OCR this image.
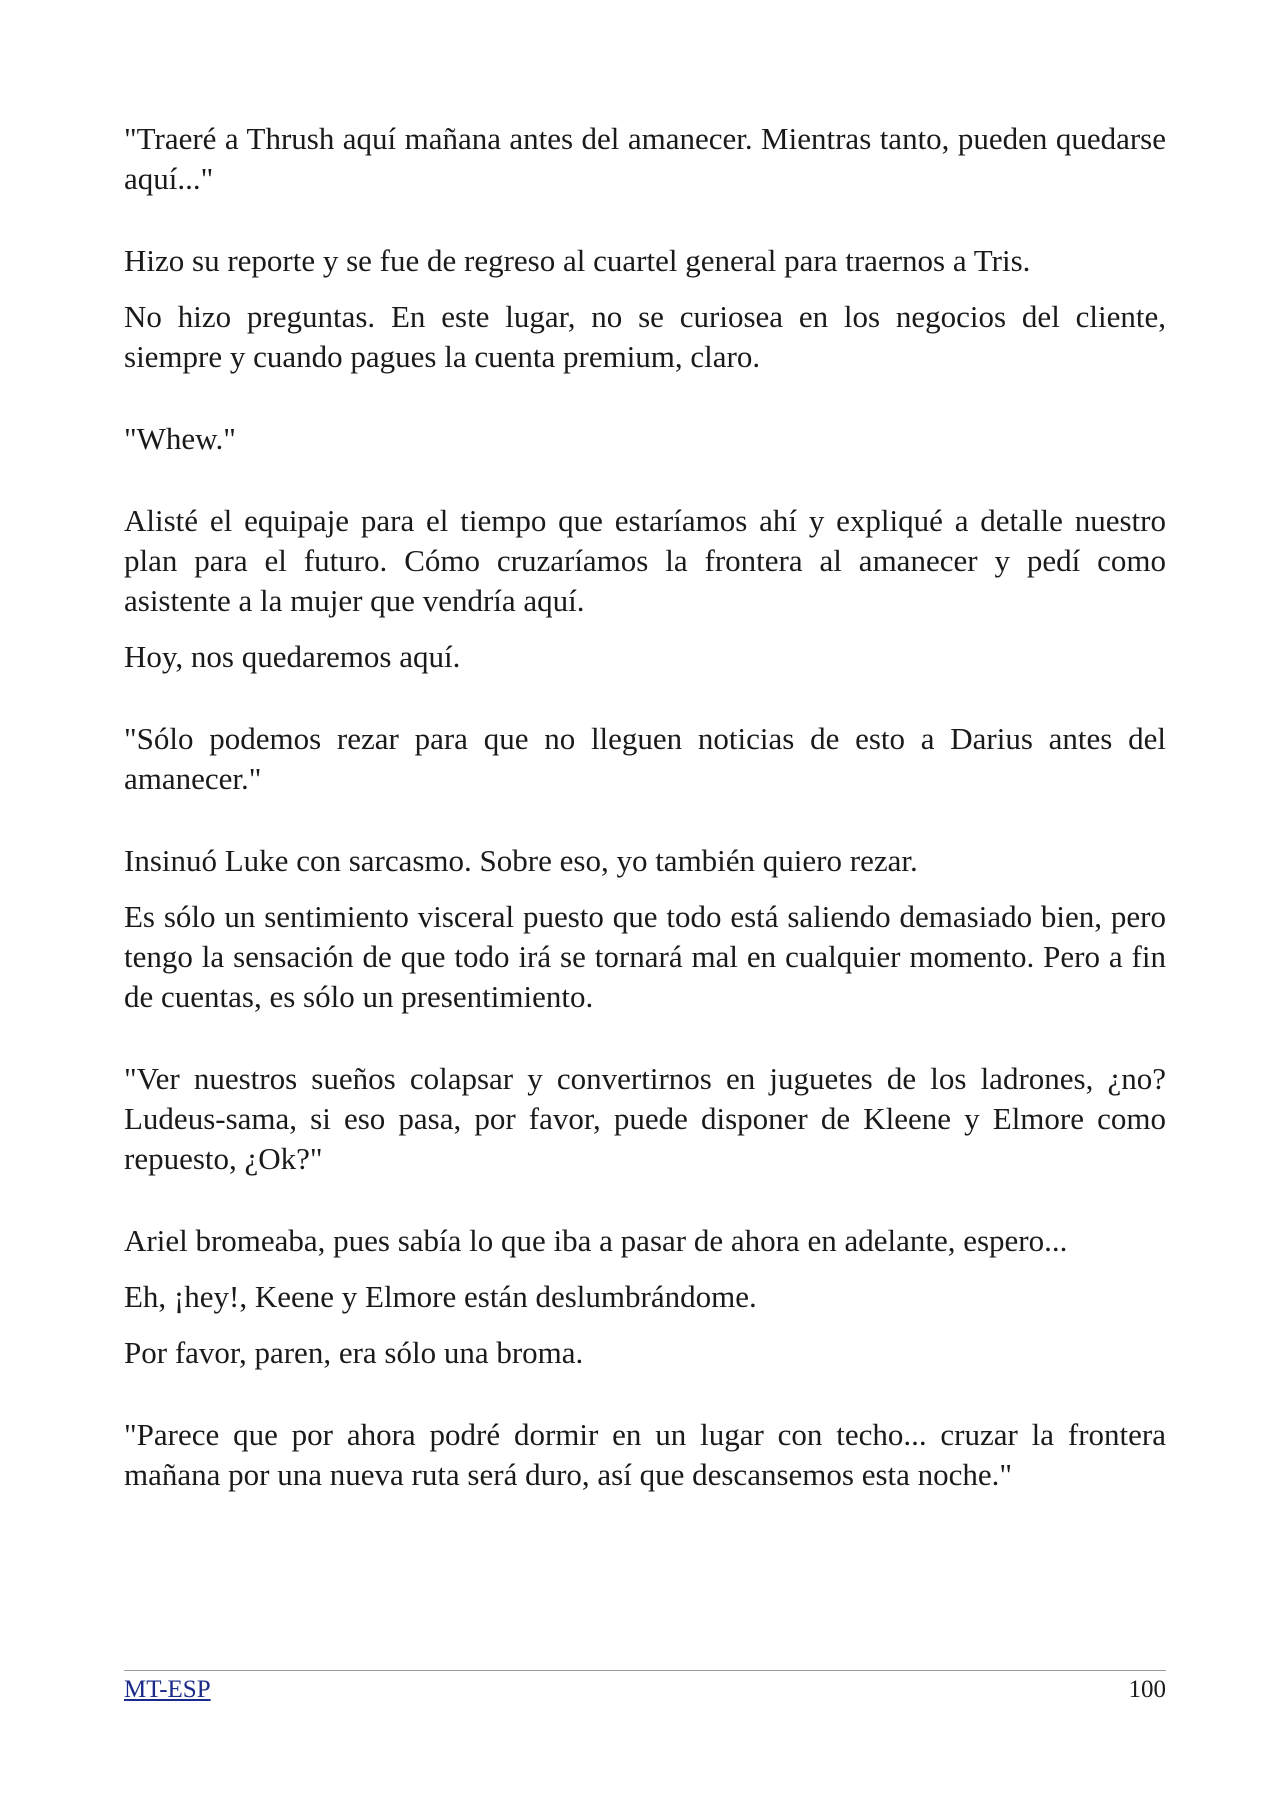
"Traeré a Thrush aquí mañana antes del amanecer. Mientras tanto, pueden quedarse aquí..."

Hizo su reporte y se fue de regreso al cuartel general para traernos a Tris.

No hizo preguntas. En este lugar, no se curiosea en los negocios del cliente, siempre y cuando pagues la cuenta premium, claro.

"Whew."

Alisté el equipaje para el tiempo que estaríamos ahí y expliqué a detalle nuestro plan para el futuro. Cómo cruzaríamos la frontera al amanecer y pedí como asistente a la mujer que vendría aquí.

Hoy, nos quedaremos aquí.

"Sólo podemos rezar para que no lleguen noticias de esto a Darius antes del amanecer."

Insinuó Luke con sarcasmo. Sobre eso, yo también quiero rezar.

Es sólo un sentimiento visceral puesto que todo está saliendo demasiado bien, pero tengo la sensación de que todo irá se tornará mal en cualquier momento. Pero a fin de cuentas, es sólo un presentimiento.

"Ver nuestros sueños colapsar y convertirnos en juguetes de los ladrones, ¿no? Ludeus-sama, si eso pasa, por favor, puede disponer de Kleene y Elmore como repuesto, ¿Ok?"

Ariel bromeaba, pues sabía lo que iba a pasar de ahora en adelante, espero...

Eh, ¡hey!, Keene y Elmore están deslumbrándome.

Por favor, paren, era sólo una broma.

"Parece que por ahora podré dormir en un lugar con techo... cruzar la frontera mañana por una nueva ruta será duro, así que descansemos esta noche."

MT-ESP	100
